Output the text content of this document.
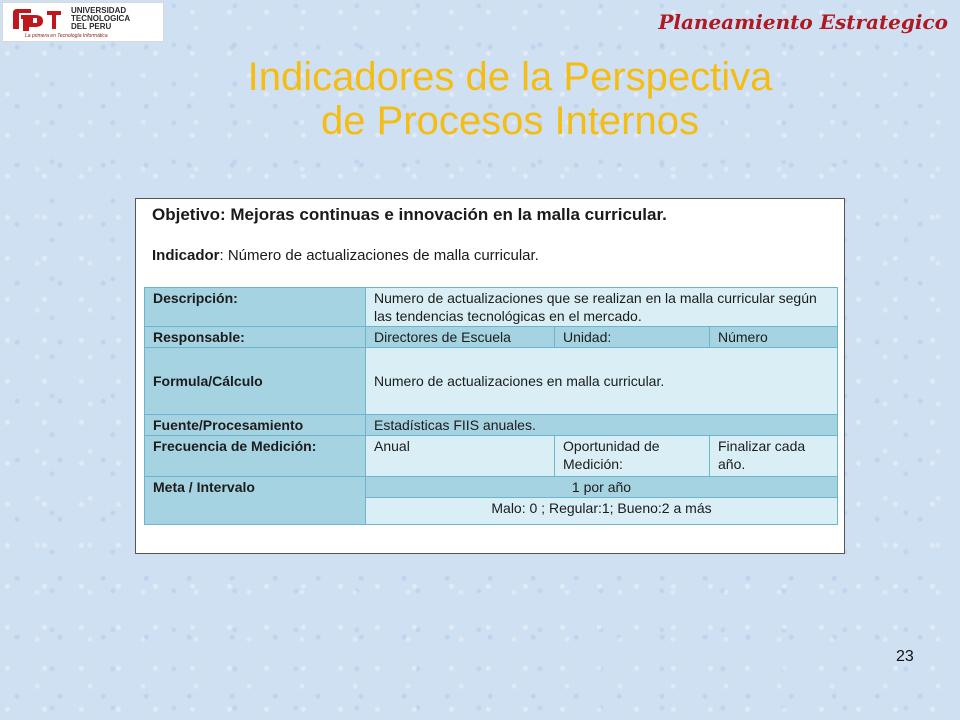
UNIVERSIDAD
TECNOLOGICA
DEL PERU
La primera en Tecnología Informática
Planeamiento Estrategico
Indicadores de la Perspectiva
de Procesos Internos
Objetivo: Mejoras continuas e innovación en la malla curricular.
Indicador: Número de actualizaciones de malla curricular.
Descripción:	Numero de actualizaciones que se realizan en la malla curricular según las tendencias tecnológicas en el mercado.		
Responsable:	Directores de Escuela	Unidad:	Número
Formula/Cálculo	Numero de actualizaciones en malla curricular.		
Fuente/Procesamiento	Estadísticas FIIS anuales.		
Frecuencia de Medición:	Anual	Oportunidad de Medición:	Finalizar cada año.
Meta / Intervalo	1 por año		
	Malo: 0 ; Regular:1; Bueno:2 a más		
23
